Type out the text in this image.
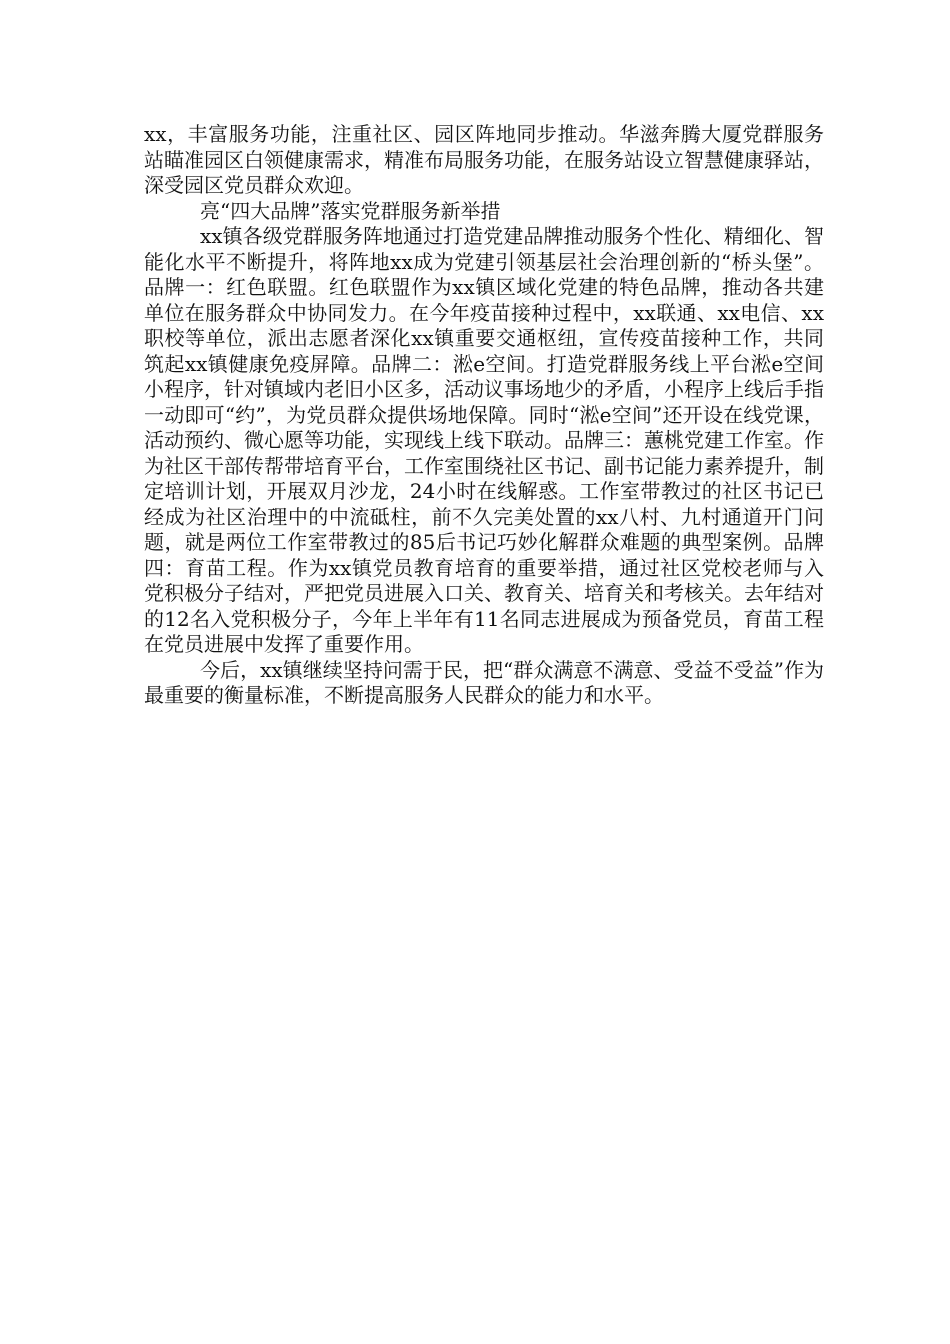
xx，丰富服务功能，注重社区、园区阵地同步推动。华滋奔腾大厦党群服务站瞄准园区白领健康需求，精准布局服务功能，在服务站设立智慧健康驿站，深受园区党员群众欢迎。

亮“四大品牌”落实党群服务新举措

xx镇各级党群服务阵地通过打造党建品牌推动服务个性化、精细化、智能化水平不断提升，将阵地xx成为党建引领基层社会治理创新的“桥头堡”。品牌一：红色联盟。红色联盟作为xx镇区域化党建的特色品牌，推动各共建单位在服务群众中协同发力。在今年疫苗接种过程中，xx联通、xx电信、xx职校等单位，派出志愿者深化xx镇重要交通枢纽，宣传疫苗接种工作，共同筑起xx镇健康免疫屏障。品牌二：淞e空间。打造党群服务线上平台淞e空间小程序，针对镇域内老旧小区多，活动议事场地少的矛盾，小程序上线后手指一动即可“约”，为党员群众提供场地保障。同时“淞e空间”还开设在线党课，活动预约、微心愿等功能，实现线上线下联动。品牌三：蕙桃党建工作室。作为社区干部传帮带培育平台，工作室围绕社区书记、副书记能力素养提升，制定培训计划，开展双月沙龙，24小时在线解惑。工作室带教过的社区书记已经成为社区治理中的中流砥柱，前不久完美处置的xx八村、九村通道开门问题，就是两位工作室带教过的85后书记巧妙化解群众难题的典型案例。品牌四：育苗工程。作为xx镇党员教育培育的重要举措，通过社区党校老师与入党积极分子结对，严把党员进展入口关、教育关、培育关和考核关。去年结对的12名入党积极分子，今年上半年有11名同志进展成为预备党员，育苗工程在党员进展中发挥了重要作用。

今后，xx镇继续坚持问需于民，把“群众满意不满意、受益不受益”作为最重要的衡量标准，不断提高服务人民群众的能力和水平。
